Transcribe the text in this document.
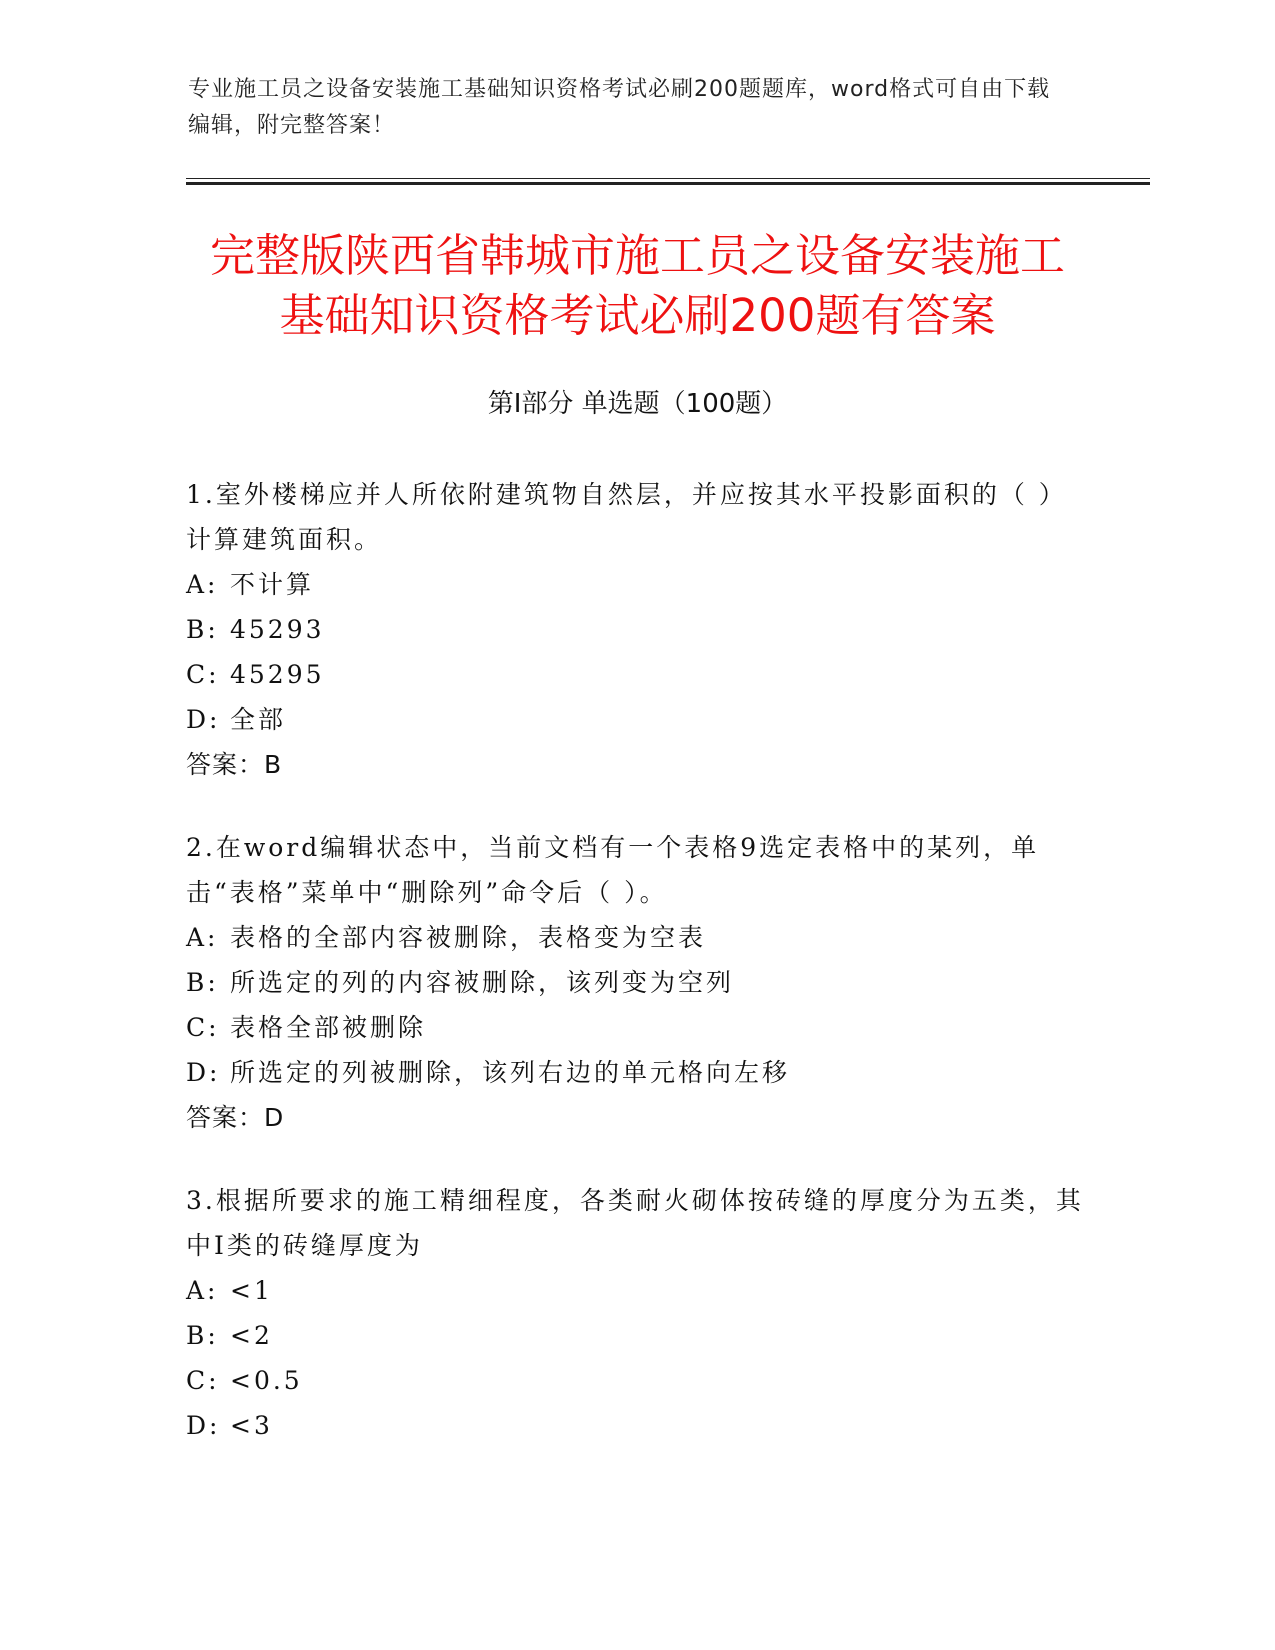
专业施工员之设备安装施工基础知识资格考试必刷200题题库，word格式可自由下载编辑，附完整答案！
完整版陕西省韩城市施工员之设备安装施工
基础知识资格考试必刷200题有答案
第Ⅰ部分 单选题（100题）

1.室外楼梯应并人所依附建筑物自然层，并应按其水平投影面积的（ ）计算建筑面积。

A: 不计算

B: 45293

C: 45295

D: 全部

答案：B

2.在word编辑状态中，当前文档有一个表格9选定表格中的某列，单击“表格”菜单中“删除列”命令后（ ）。

A: 表格的全部内容被删除，表格变为空表

B: 所选定的列的内容被删除，该列变为空列

C: 表格全部被删除

D: 所选定的列被删除，该列右边的单元格向左移

答案：D

3.根据所要求的施工精细程度，各类耐火砌体按砖缝的厚度分为五类，其中Ⅰ类的砖缝厚度为

A: <1

B: <2

C: <0.5

D: <3
